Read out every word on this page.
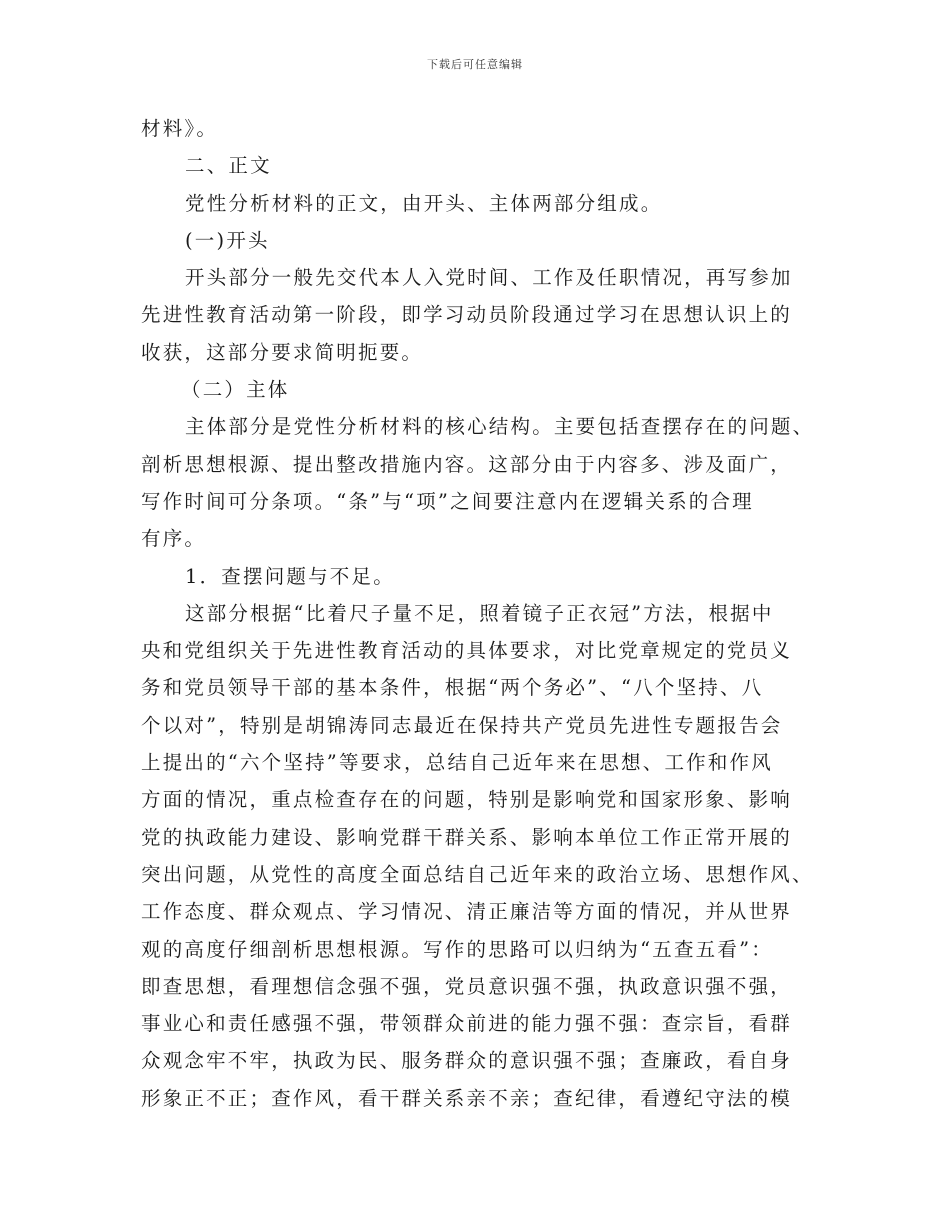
下载后可任意编辑
材料》。
二、正文
党性分析材料的正文，由开头、主体两部分组成。
(一)开头
开头部分一般先交代本人入党时间、工作及任职情况，再写参加
先进性教育活动第一阶段，即学习动员阶段通过学习在思想认识上的
收获，这部分要求简明扼要。
（二）主体
主体部分是党性分析材料的核心结构。主要包括查摆存在的问题、
剖析思想根源、提出整改措施内容。这部分由于内容多、涉及面广，
写作时间可分条项。“条”与“项”之间要注意内在逻辑关系的合理
有序。
1．查摆问题与不足。
这部分根据“比着尺子量不足，照着镜子正衣冠”方法，根据中
央和党组织关于先进性教育活动的具体要求，对比党章规定的党员义
务和党员领导干部的基本条件，根据“两个务必”、“八个坚持、八
个以对”，特别是胡锦涛同志最近在保持共产党员先进性专题报告会
上提出的“六个坚持”等要求，总结自己近年来在思想、工作和作风
方面的情况，重点检查存在的问题，特别是影响党和国家形象、影响
党的执政能力建设、影响党群干群关系、影响本单位工作正常开展的
突出问题，从党性的高度全面总结自己近年来的政治立场、思想作风、
工作态度、群众观点、学习情况、清正廉洁等方面的情况，并从世界
观的高度仔细剖析思想根源。写作的思路可以归纳为“五查五看”：
即查思想，看理想信念强不强，党员意识强不强，执政意识强不强，
事业心和责任感强不强，带领群众前进的能力强不强：查宗旨，看群
众观念牢不牢，执政为民、服务群众的意识强不强；查廉政，看自身
形象正不正；查作风，看干群关系亲不亲；查纪律，看遵纪守法的模
